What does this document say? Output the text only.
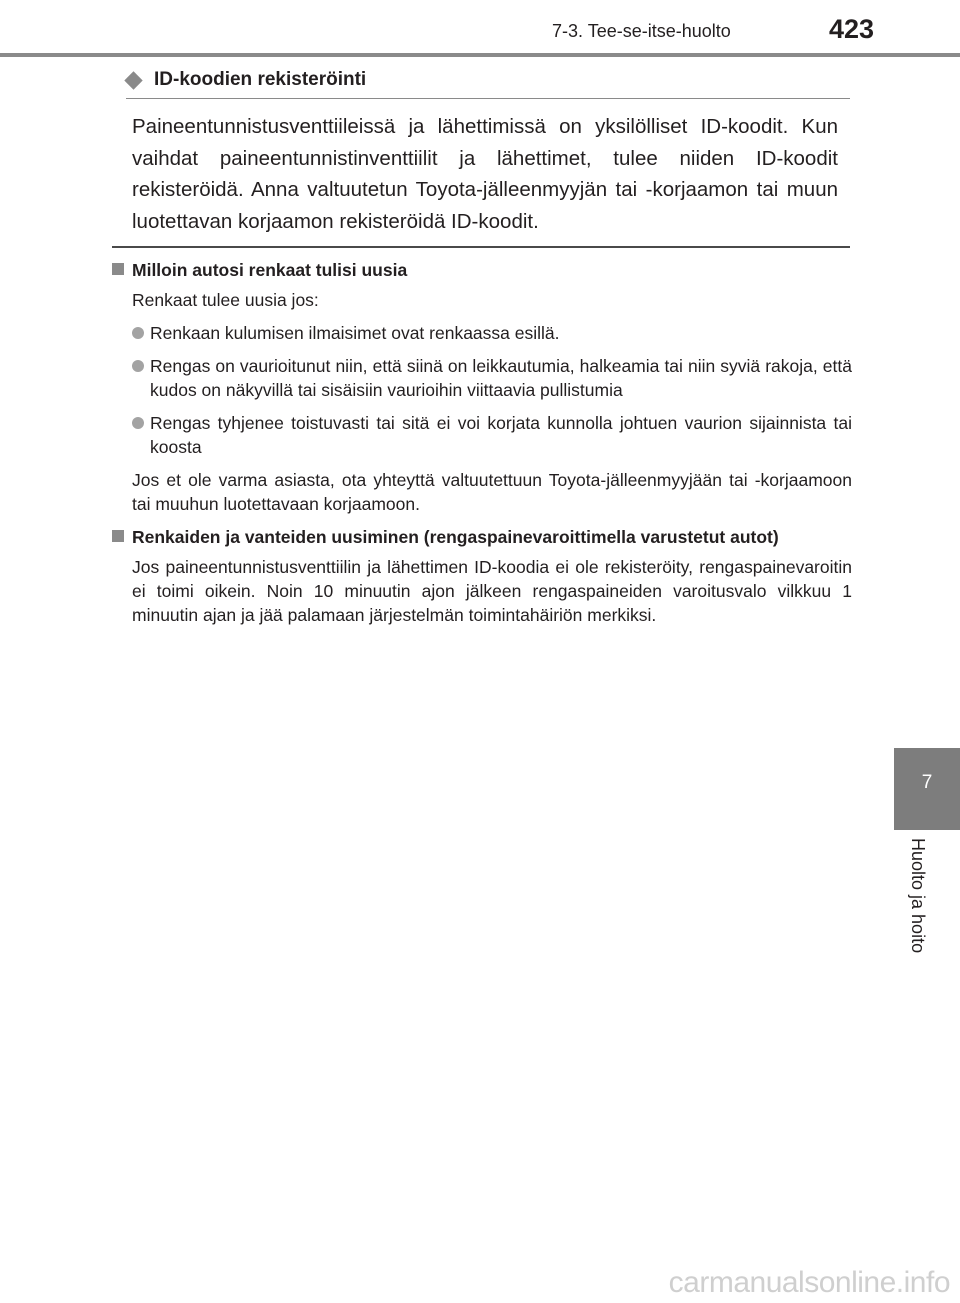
7-3. Tee-se-itse-huolto	423
7
Huolto ja hoito
ID-koodien rekisteröinti
Paineentunnistusventtiileissä ja lähettimissä on yksilölliset ID-koodit. Kun vaihdat paineentunnistinventtiilit ja lähettimet, tulee niiden ID-koodit rekisteröidä. Anna valtuutetun Toyota-jälleenmyyjän tai -korjaamon tai muun luotettavan korjaamon rekisteröidä ID-koodit.
Milloin autosi renkaat tulisi uusia
Renkaat tulee uusia jos:
Renkaan kulumisen ilmaisimet ovat renkaassa esillä.
Rengas on vaurioitunut niin, että siinä on leikkautumia, halkeamia tai niin syviä rakoja, että kudos on näkyvillä tai sisäisiin vaurioihin viittaavia pullistumia
Rengas tyhjenee toistuvasti tai sitä ei voi korjata kunnolla johtuen vaurion sijainnista tai koosta
Jos et ole varma asiasta, ota yhteyttä valtuutettuun Toyota-jälleenmyyjään tai -korjaamoon tai muuhun luotettavaan korjaamoon.
Renkaiden ja vanteiden uusiminen (rengaspainevaroittimella varustetut autot)
Jos paineentunnistusventtiilin ja lähettimen ID-koodia ei ole rekisteröity, rengaspainevaroitin ei toimi oikein. Noin 10 minuutin ajon jälkeen rengaspaineiden varoitusvalo vilkkuu 1 minuutin ajan ja jää palamaan järjestelmän toimintahäiriön merkiksi.
carmanualsonline.info
